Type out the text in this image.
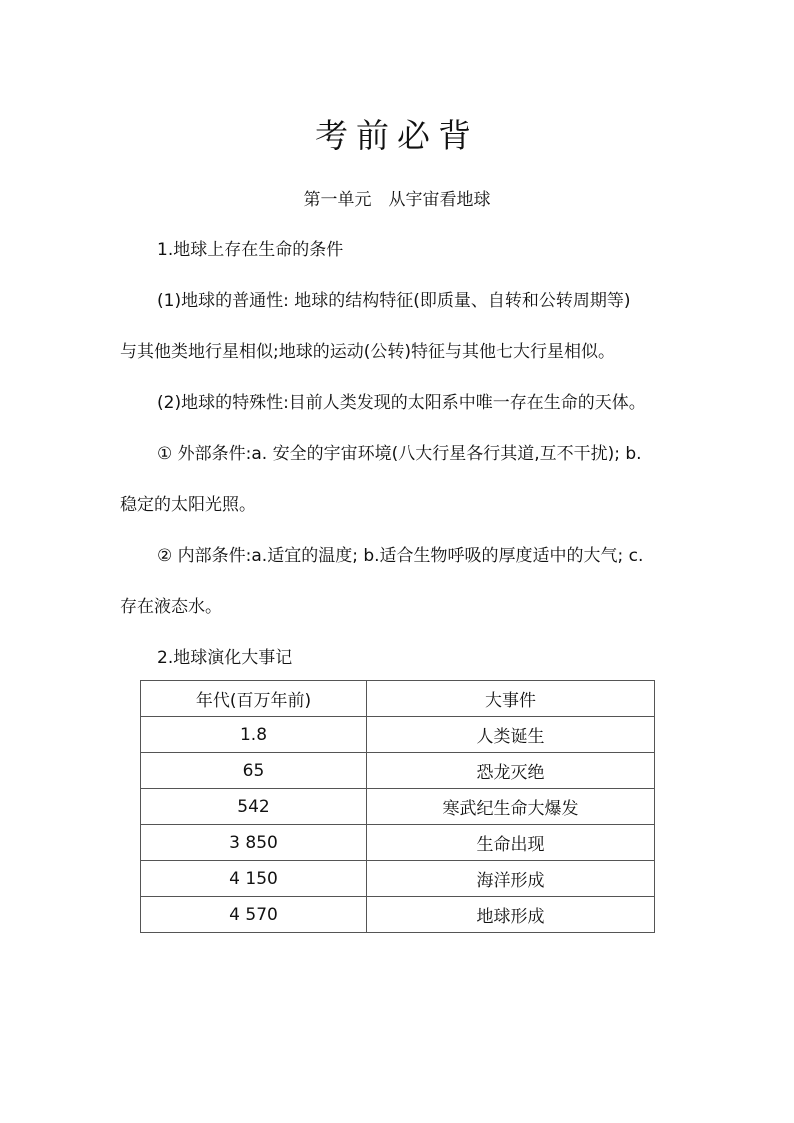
考前必背

第一单元　从宇宙看地球

1.地球上存在生命的条件

(1)地球的普通性: 地球的结构特征(即质量、自转和公转周期等)

与其他类地行星相似;地球的运动(公转)特征与其他七大行星相似。

(2)地球的特殊性:目前人类发现的太阳系中唯一存在生命的天体。

① 外部条件:a. 安全的宇宙环境(八大行星各行其道,互不干扰); b.

稳定的太阳光照。

② 内部条件:a.适宜的温度; b.适合生物呼吸的厚度适中的大气; c.

存在液态水。

2.地球演化大事记

年代(百万年前)	大事件
1.8	人类诞生
65	恐龙灭绝
542	寒武纪生命大爆发
3 850	生命出现
4 150	海洋形成
4 570	地球形成
